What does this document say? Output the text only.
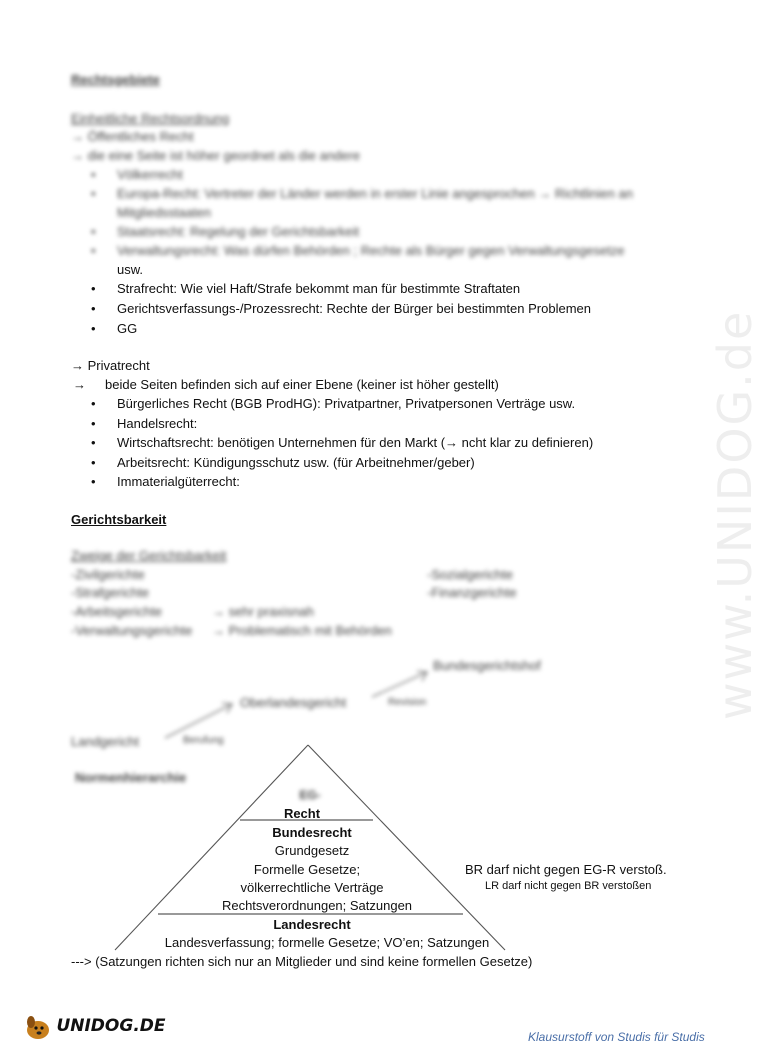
www.UNIDOG.de
Rechtsgebiete
Einheitliche Rechtsordnung
→ Öffentliches Recht
→ die eine Seite ist höher geordnet als die andere
• Völkerrecht
• Europa-Recht: Vertreter der Länder werden in erster Linie angesprochen → Richtlinien an
Mitgliedsstaaten
• Staatsrecht: Regelung der Gerichtsbarkeit
• Verwaltungsrecht: Was dürfen Behörden ; Rechte als Bürger gegen Verwaltungsgesetze
usw.
• Strafrecht: Wie viel Haft/Strafe bekommt man für bestimmte Straftaten
• Gerichtsverfassungs-/Prozessrecht: Rechte der Bürger bei bestimmten Problemen
• GG
→ Privatrecht
→ beide Seiten befinden sich auf einer Ebene (keiner ist höher gestellt)
• Bürgerliches Recht (BGB ProdHG): Privatpartner, Privatpersonen Verträge usw.
• Handelsrecht:
• Wirtschaftsrecht: benötigen Unternehmen für den Markt (→ ncht klar zu definieren)
• Arbeitsrecht: Kündigungsschutz usw. (für Arbeitnehmer/geber)
• Immaterialgüterrecht:
Gerichtsbarkeit
Zweige der Gerichtsbarkeit
-Zivilgerichte
-Strafgerichte
-Arbeitsgerichte
-Verwaltungsgerichte
→ sehr praxisnah
→ Problematisch mit Behörden
-Sozialgerichte
-Finanzgerichte
Landgericht	Berufung
Oberlandesgericht	Revision
Bundesgerichtshof
Normenhierarchie
EG-
Recht
Bundesrecht
Grundgesetz
Formelle Gesetze;
völkerrechtliche Verträge
Rechtsverordnungen; Satzungen
Landesrecht
Landesverfassung; formelle Gesetze; VO’en; Satzungen
BR darf nicht gegen EG-R verstoß.
LR darf nicht gegen BR verstoßen
---> (Satzungen richten sich nur an Mitglieder und sind keine formellen Gesetze)
UNIDOG.DE
Klausurstoff von Studis für Studis
